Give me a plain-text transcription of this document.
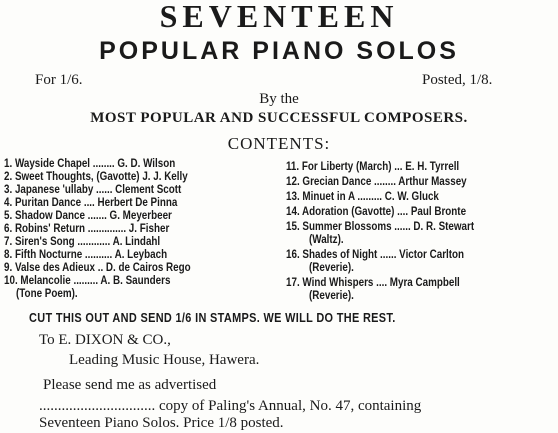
SEVENTEEN
POPULAR PIANO SOLOS
For 1/6.	Posted, 1/8.
By the
MOST POPULAR AND SUCCESSFUL COMPOSERS.
CONTENTS:
1. Wayside Chapel ........ G. D. Wilson
2. Sweet Thoughts, (Gavotte) J. J. Kelly
3. Japanese 'ullaby ...... Clement Scott
4. Puritan Dance .... Herbert De Pinna
5. Shadow Dance ....... G. Meyerbeer
6. Robins' Return .............. J. Fisher
7. Siren's Song ............ A. Lindahl
8. Fifth Nocturne .......... A. Leybach
9. Valse des Adieux .. D. de Cairos Rego
10. Melancolie ......... A. B. Saunders
(Tone Poem).
11. For Liberty (March) ... E. H. Tyrrell
12. Grecian Dance ........ Arthur Massey
13. Minuet in A ......... C. W. Gluck
14. Adoration (Gavotte) .... Paul Bronte
15. Summer Blossoms ...... D. R. Stewart
(Waltz).
16. Shades of Night ...... Victor Carlton
(Reverie).
17. Wind Whispers .... Myra Campbell
(Reverie).
CUT THIS OUT AND SEND 1/6 IN STAMPS. WE WILL DO THE REST.
To E. DIXON & CO.,
Leading Music House, Hawera.
Please send me as advertised
............................... copy of Paling's Annual, No. 47, containing
Seventeen Piano Solos. Price 1/8 posted.
